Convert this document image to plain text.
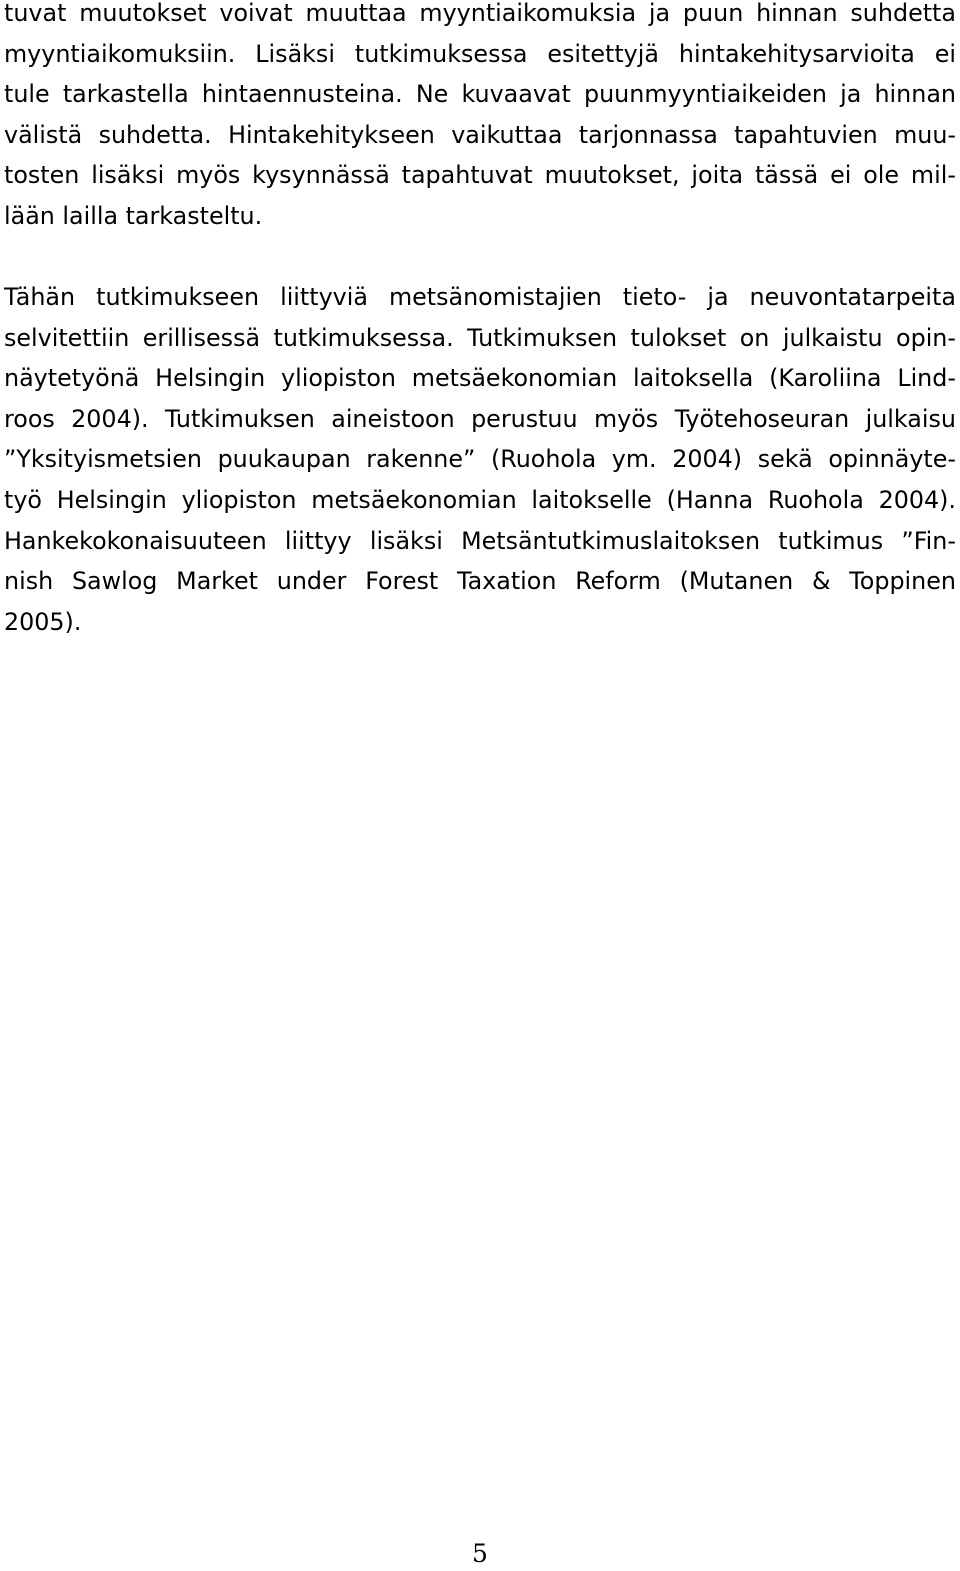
tuvat muutokset voivat muuttaa myyntiaikomuksia ja puun hinnan suhdetta
myyntiaikomuksiin. Lisäksi tutkimuksessa esitettyjä hintakehitysarvioita ei
tule tarkastella hintaennusteina. Ne kuvaavat puunmyyntiaikeiden ja hinnan
välistä suhdetta. Hintakehitykseen vaikuttaa tarjonnassa tapahtuvien muu-
tosten lisäksi myös kysynnässä tapahtuvat muutokset, joita tässä ei ole mil-
lään lailla tarkasteltu.
Tähän tutkimukseen liittyviä metsänomistajien tieto- ja neuvontatarpeita
selvitettiin erillisessä tutkimuksessa. Tutkimuksen tulokset on julkaistu opin-
näytetyönä Helsingin yliopiston metsäekonomian laitoksella (Karoliina Lind-
roos 2004). Tutkimuksen aineistoon perustuu myös Työtehoseuran julkaisu
”Yksityismetsien puukaupan rakenne” (Ruohola ym. 2004) sekä opinnäyte-
työ Helsingin yliopiston metsäekonomian laitokselle (Hanna Ruohola 2004).
Hankekokonaisuuteen liittyy lisäksi Metsäntutkimuslaitoksen tutkimus ”Fin-
nish Sawlog Market under Forest Taxation Reform (Mutanen & Toppinen
2005).
5
